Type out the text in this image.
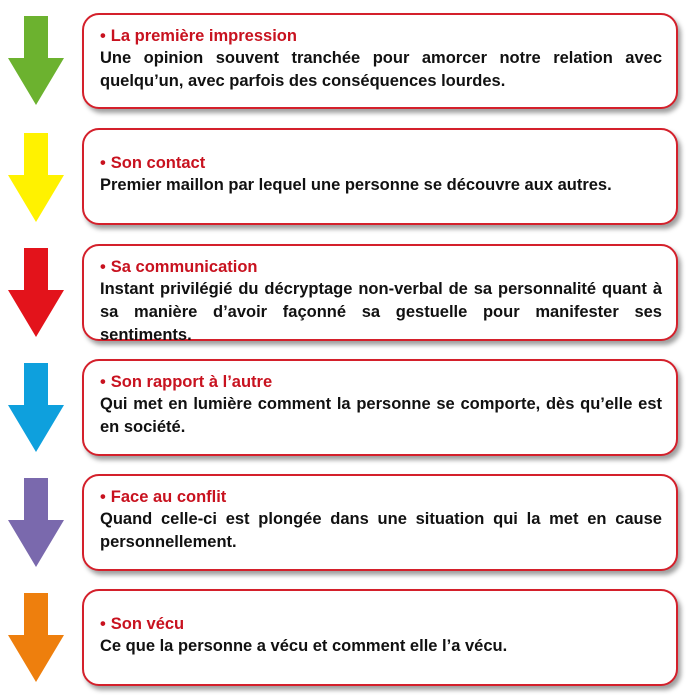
• La première impression

Une opinion souvent tranchée pour amorcer notre relation avec quelqu’un, avec parfois des conséquences lourdes.

• Son contact

Premier maillon par lequel une personne se découvre aux autres.

• Sa communication

Instant privilégié du décryptage non-verbal de sa personnalité quant à sa manière d’avoir façonné sa gestuelle pour manifester ses sentiments.

• Son rapport à l’autre

Qui met en lumière comment la personne se comporte, dès qu’elle est en société.

• Face au conflit

Quand celle-ci est plongée dans une situation qui la met en cause personnellement.

• Son vécu

Ce que la personne a vécu et comment elle l’a vécu.
